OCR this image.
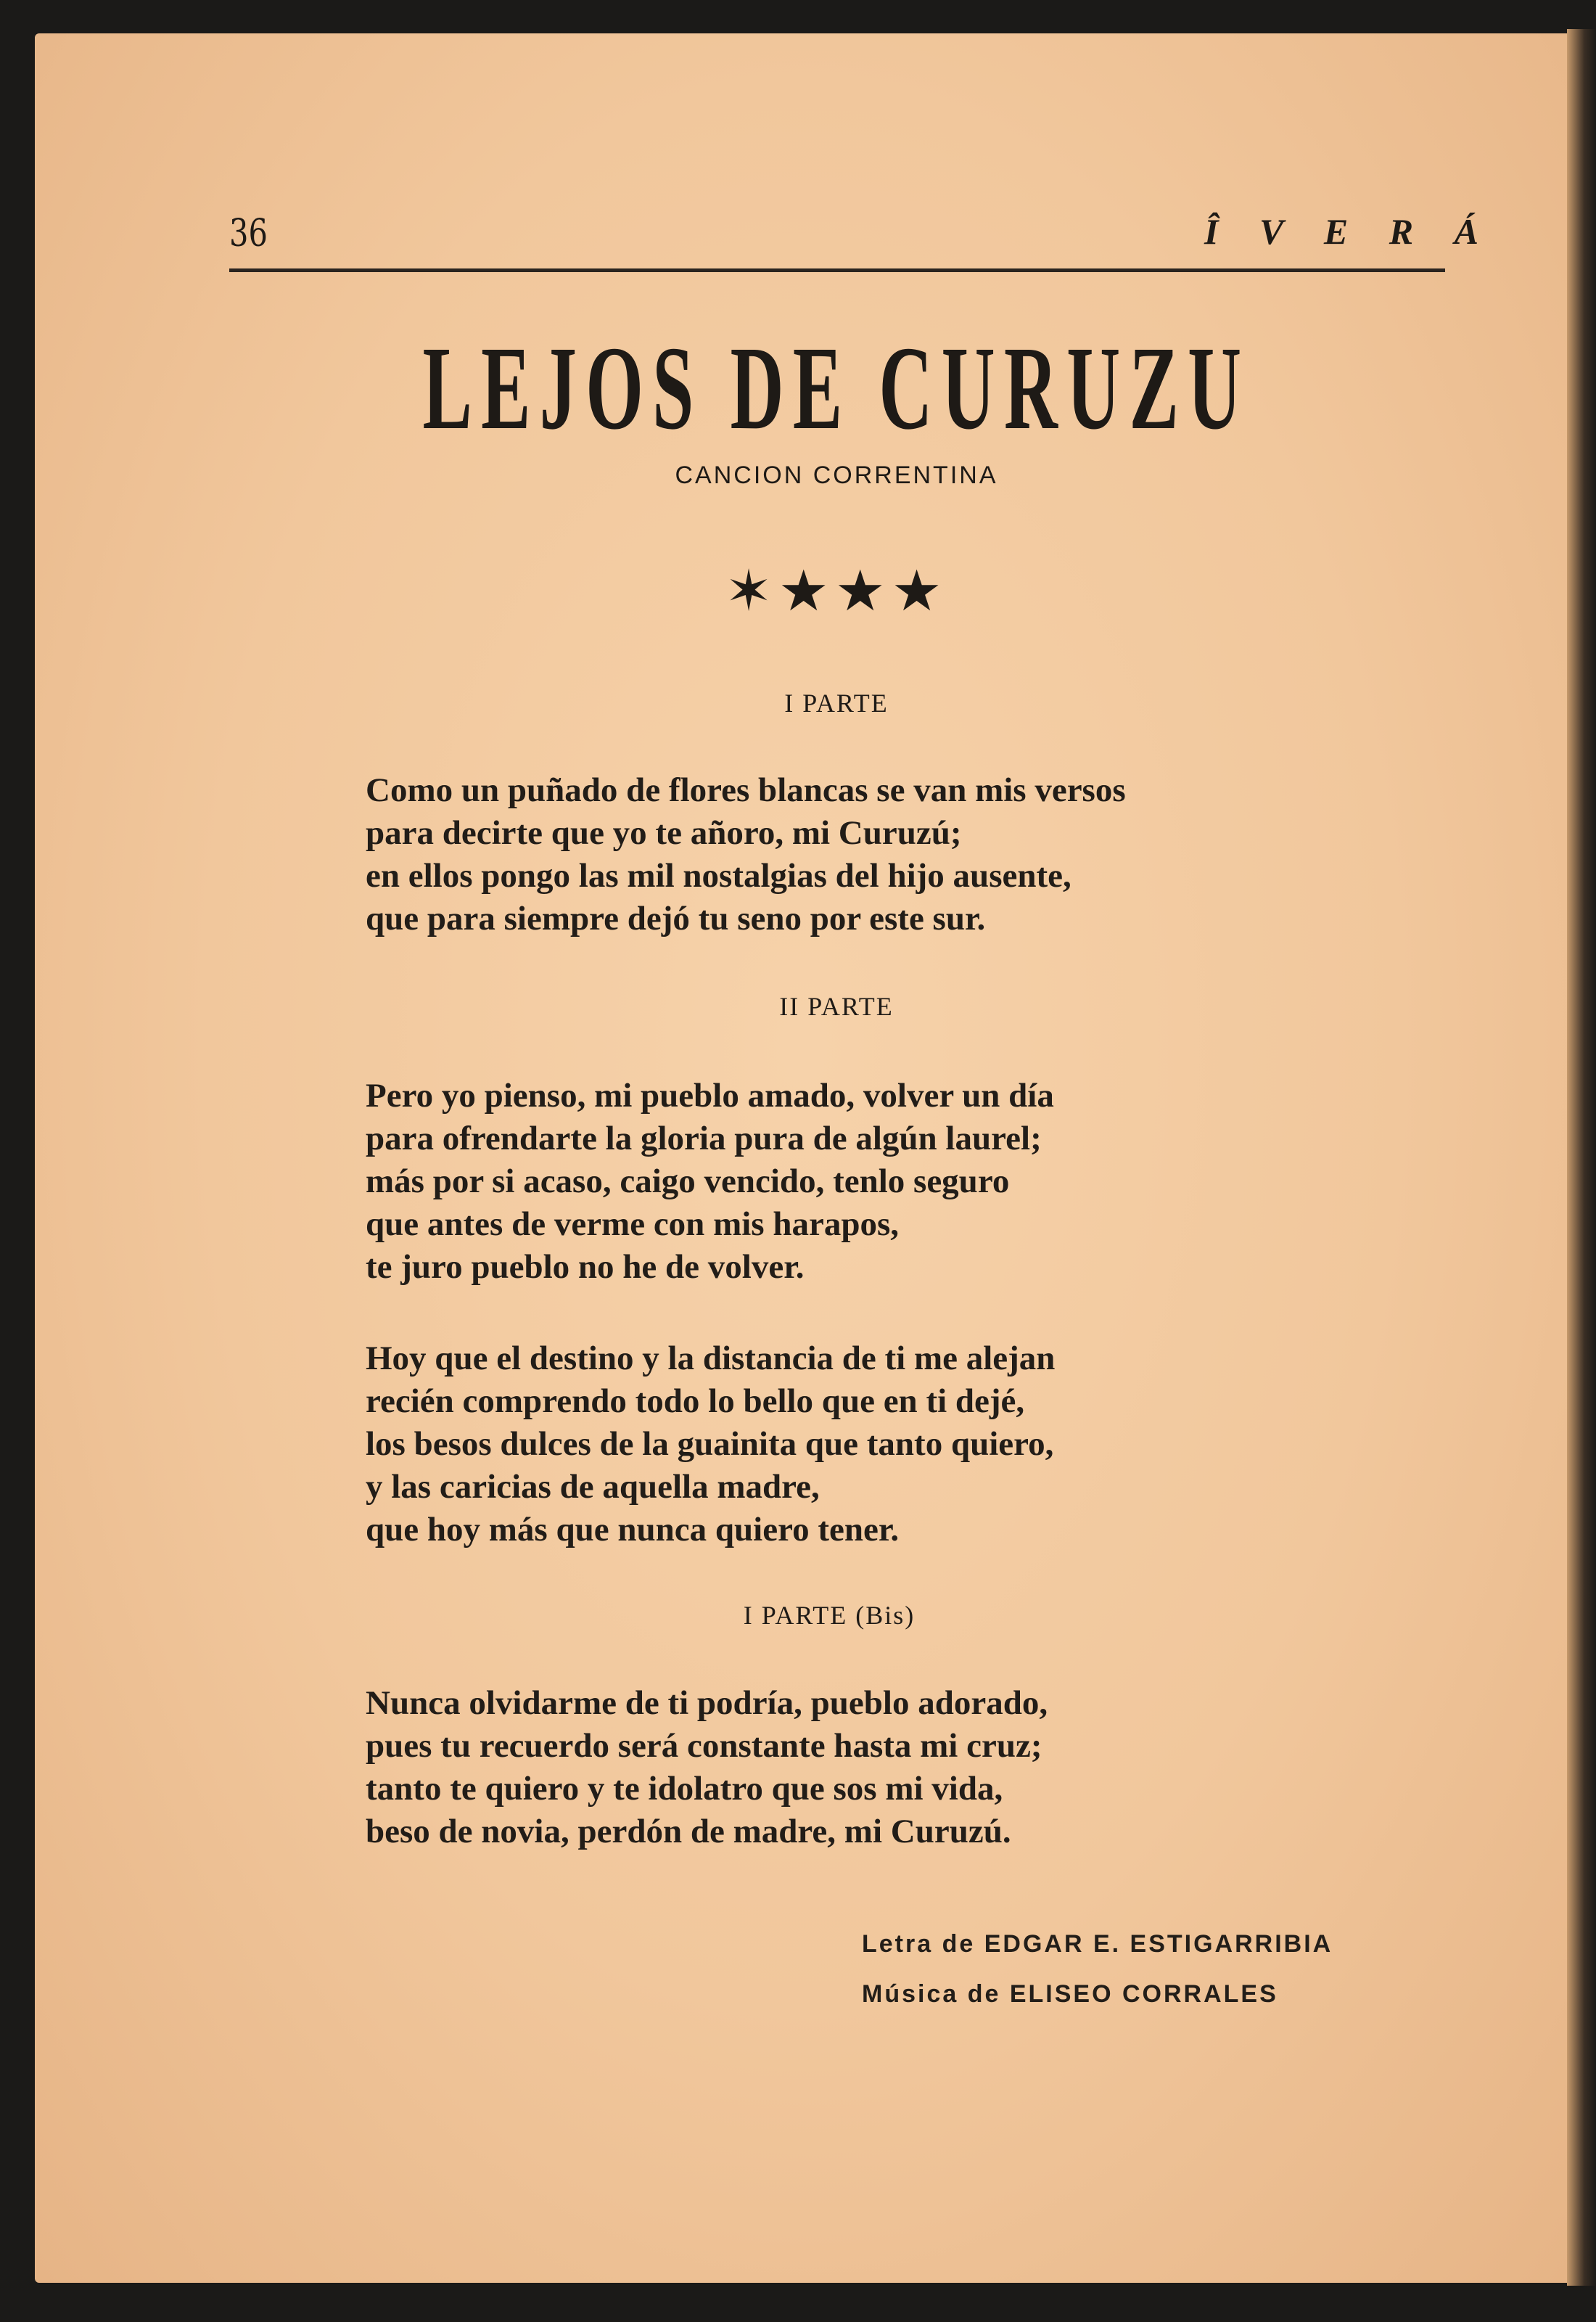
36	Î V E R Á
LEJOS DE CURUZU
CANCION CORRENTINA
✶★★★
I PARTE
Como un puñado de flores blancas se van mis versos
para decirte que yo te añoro, mi Curuzú;
en ellos pongo las mil nostalgias del hijo ausente,
que para siempre dejó tu seno por este sur.
II PARTE
Pero yo pienso, mi pueblo amado, volver un día
para ofrendarte la gloria pura de algún laurel;
más por si acaso, caigo vencido, tenlo seguro
que antes de verme con mis harapos,
te juro pueblo no he de volver.
Hoy que el destino y la distancia de ti me alejan
recién comprendo todo lo bello que en ti dejé,
los besos dulces de la guainita que tanto quiero,
y las caricias de aquella madre,
que hoy más que nunca quiero tener.
I PARTE (Bis)
Nunca olvidarme de ti podría, pueblo adorado,
pues tu recuerdo será constante hasta mi cruz;
tanto te quiero y te idolatro que sos mi vida,
beso de novia, perdón de madre, mi Curuzú.
Letra de EDGAR E. ESTIGARRIBIA
Música de ELISEO CORRALES
